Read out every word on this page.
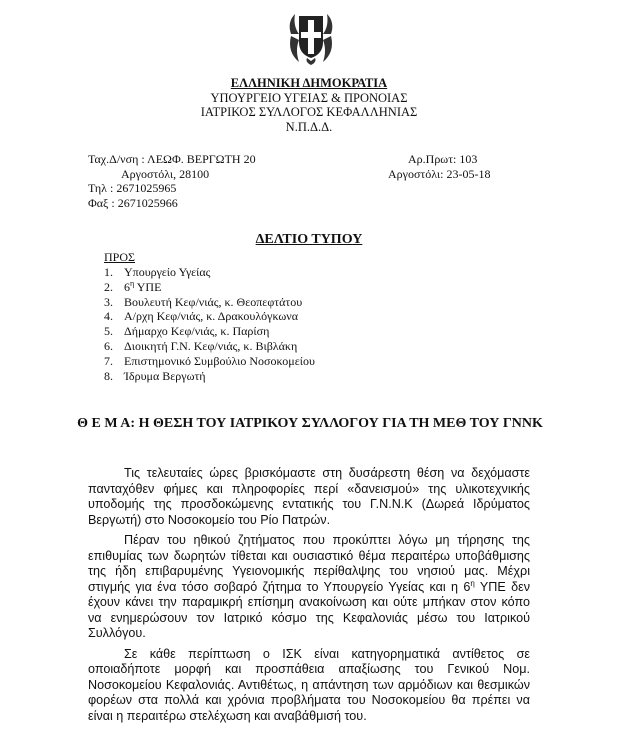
ΕΛΛΗΝΙΚΗ ΔΗΜΟΚΡΑΤΙΑ
ΥΠΟΥΡΓΕΙΟ ΥΓΕΙΑΣ & ΠΡΟΝΟΙΑΣ
ΙΑΤΡΙΚΟΣ ΣΥΛΛΟΓΟΣ ΚΕΦΑΛΛΗΝΙΑΣ
Ν.Π.Δ.Δ.
Ταχ.Δ/νση : ΛΕΩΦ. ΒΕΡΓΩΤΗ 20
Αργοστόλι, 28100
Τηλ : 2671025965
Φαξ : 2671025966
Αρ.Πρωτ: 103
Αργοστόλι: 23-05-18
ΔΕΛΤΙΟ ΤΥΠΟΥ
ΠΡΟΣ
1. Υπουργείο Υγείας
2. $6^\eta$ ΥΠΕ
3. Βουλευτή Κεφ/νιάς, κ. Θεοπεφτάτου
4. Α/ρχη Κεφ/νιάς, κ. Δρακουλόγκωνα
5. Δήμαρχο Κεφ/νιάς, κ. Παρίση
6. Διοικητή Γ.Ν. Κεφ/νιάς, κ. Βιβλάκη
7. Επιστημονικό Συμβούλιο Νοσοκομείου
8. Ίδρυμα Βεργωτή
Θ Ε Μ Α: Η ΘΕΣΗ ΤΟΥ ΙΑΤΡΙΚΟΥ ΣΥΛΛΟΓΟΥ ΓΙΑ ΤΗ ΜΕΘ ΤΟΥ ΓΝΝΚ

Τις τελευταίες ώρες βρισκόμαστε στη δυσάρεστη θέση να δεχόμαστε πανταχόθεν φήμες και πληροφορίες περί «δανεισμού» της υλικοτεχνικής υποδομής της προσδοκώμενης εντατικής του Γ.Ν.Ν.Κ (Δωρεά Ιδρύματος Βεργωτή) στο Νοσοκομείο του Ρίο Πατρών.

Πέραν του ηθικού ζητήματος που προκύπτει λόγω μη τήρησης της επιθυμίας των δωρητών τίθεται και ουσιαστικό θέμα περαιτέρω υποβάθμισης της ήδη επιβαρυμένης Υγειονομικής περίθαλψης του νησιού μας. Μέχρι στιγμής για ένα τόσο σοβαρό ζήτημα το Υπουργείο Υγείας και η $6^\eta$ ΥΠΕ δεν έχουν κάνει την παραμικρή επίσημη ανακοίνωση και ούτε μπήκαν στον κόπο να ενημερώσουν τον Ιατρικό κόσμο της Κεφαλονιάς μέσω του Ιατρικού Συλλόγου.

Σε κάθε περίπτωση ο ΙΣΚ είναι κατηγορηματικά αντίθετος σε οποιαδήποτε μορφή και προσπάθεια απαξίωσης του Γενικού Νομ. Νοσοκομείου Κεφαλονιάς. Αντιθέτως, η απάντηση των αρμόδιων και θεσμικών φορέων στα πολλά και χρόνια προβλήματα του Νοσοκομείου θα πρέπει να είναι η περαιτέρω στελέχωση και αναβάθμισή του.
